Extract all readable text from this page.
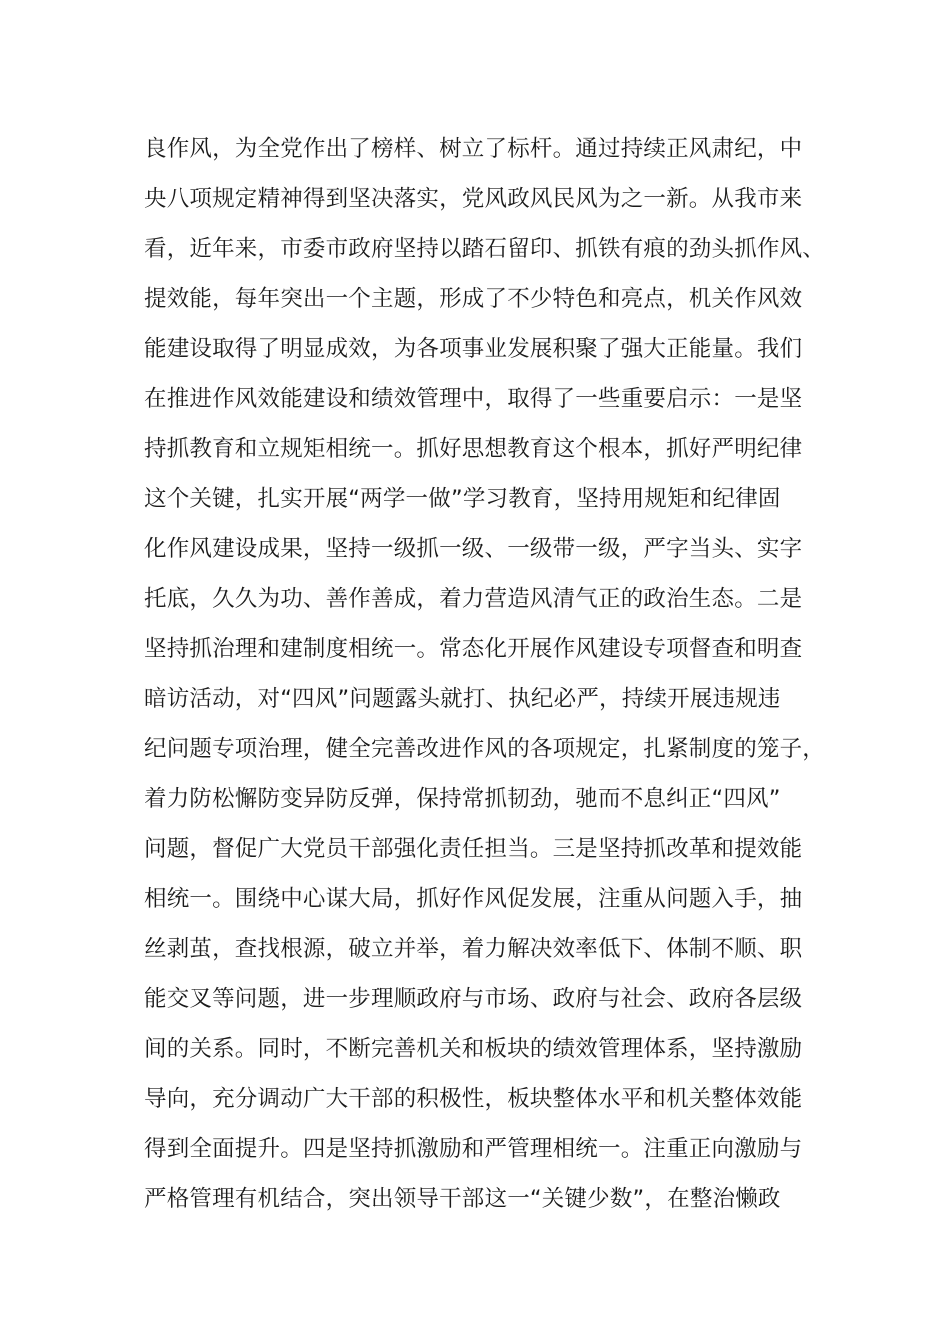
良作风，为全党作出了榜样、树立了标杆。通过持续正风肃纪，中
央八项规定精神得到坚决落实，党风政风民风为之一新。从我市来
看，近年来，市委市政府坚持以踏石留印、抓铁有痕的劲头抓作风、
提效能，每年突出一个主题，形成了不少特色和亮点，机关作风效
能建设取得了明显成效，为各项事业发展积聚了强大正能量。我们
在推进作风效能建设和绩效管理中，取得了一些重要启示：一是坚
持抓教育和立规矩相统一。抓好思想教育这个根本，抓好严明纪律
这个关键，扎实开展“两学一做”学习教育，坚持用规矩和纪律固
化作风建设成果，坚持一级抓一级、一级带一级，严字当头、实字
托底，久久为功、善作善成，着力营造风清气正的政治生态。二是
坚持抓治理和建制度相统一。常态化开展作风建设专项督查和明查
暗访活动，对“四风”问题露头就打、执纪必严，持续开展违规违
纪问题专项治理，健全完善改进作风的各项规定，扎紧制度的笼子，
着力防松懈防变异防反弹，保持常抓韧劲，驰而不息纠正“四风”
问题，督促广大党员干部强化责任担当。三是坚持抓改革和提效能
相统一。围绕中心谋大局，抓好作风促发展，注重从问题入手，抽
丝剥茧，查找根源，破立并举，着力解决效率低下、体制不顺、职
能交叉等问题，进一步理顺政府与市场、政府与社会、政府各层级
间的关系。同时，不断完善机关和板块的绩效管理体系，坚持激励
导向，充分调动广大干部的积极性，板块整体水平和机关整体效能
得到全面提升。四是坚持抓激励和严管理相统一。注重正向激励与
严格管理有机结合，突出领导干部这一“关键少数”，在整治懒政
